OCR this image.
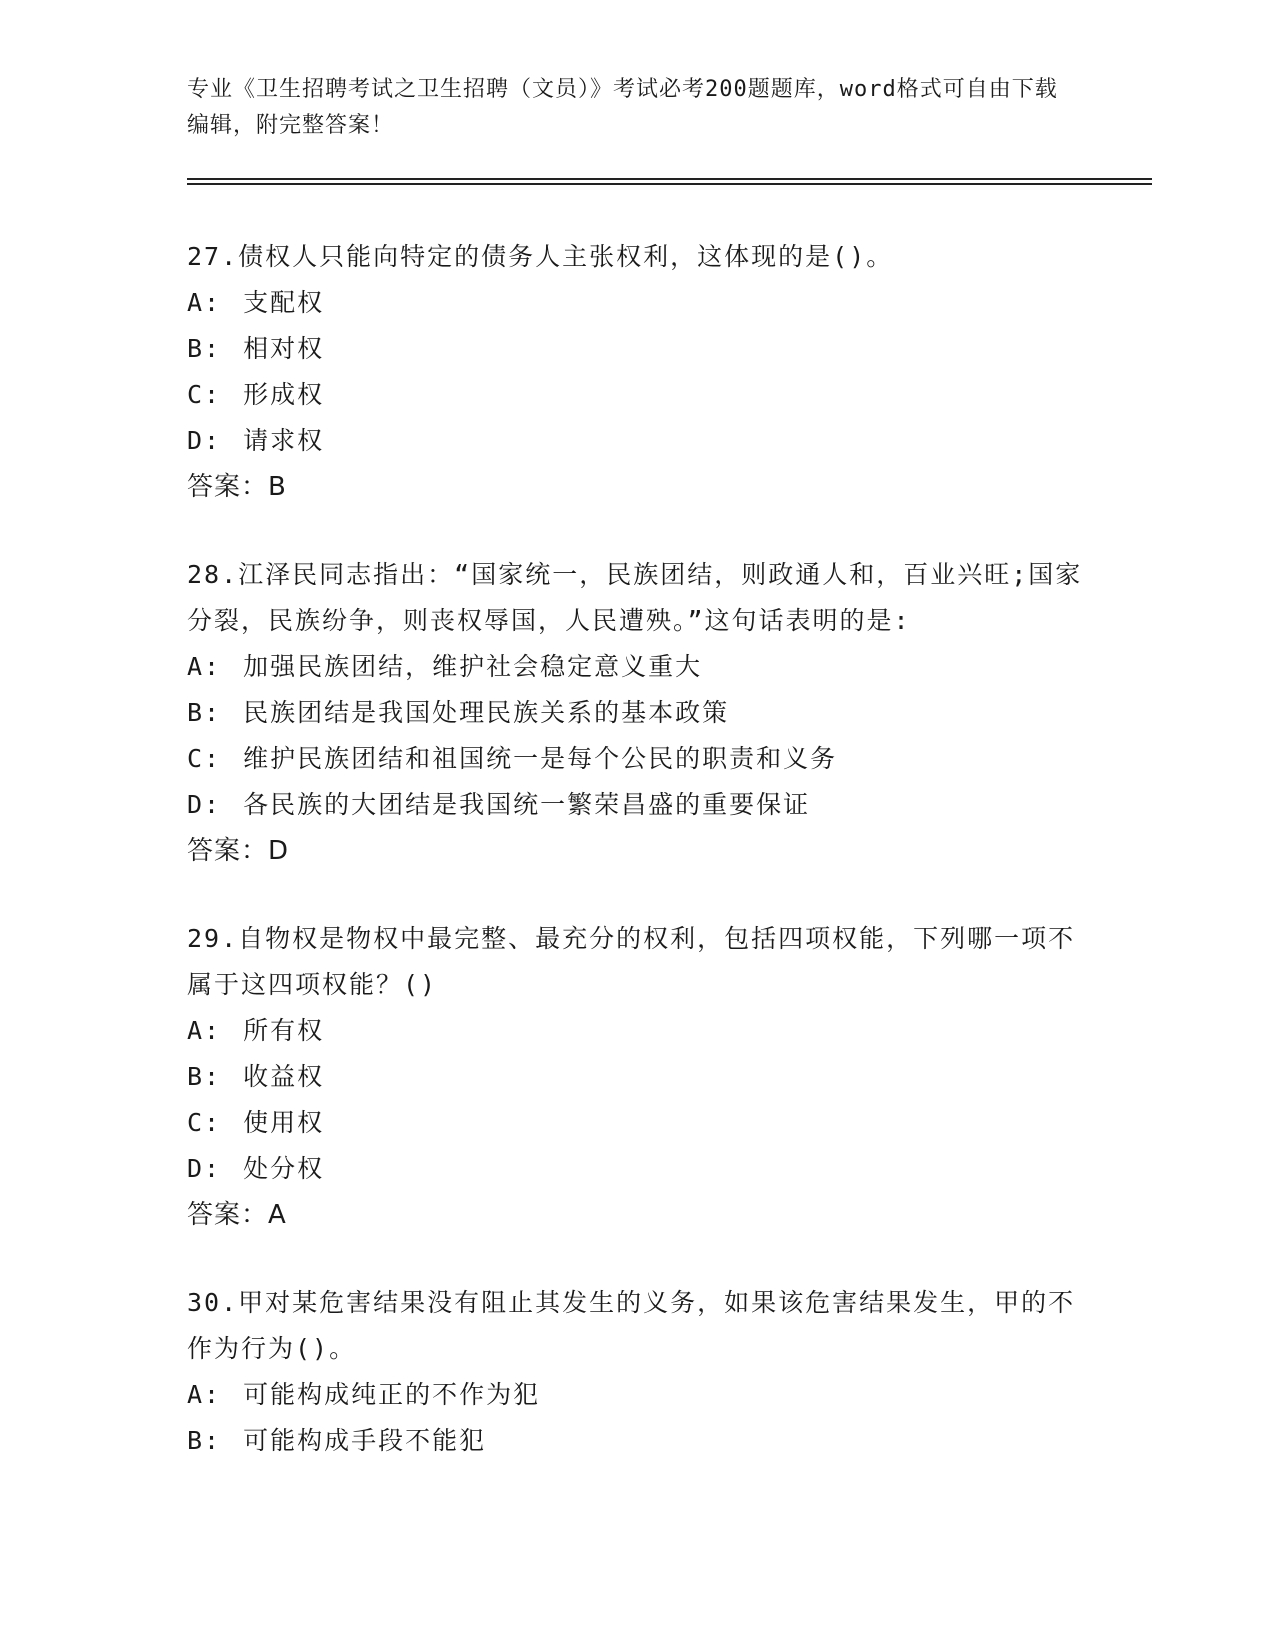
专业《卫生招聘考试之卫生招聘（文员）》考试必考200题题库，word格式可自由下载编辑，附完整答案！
27.债权人只能向特定的债务人主张权利，这体现的是()。
A: 支配权
B: 相对权
C: 形成权
D: 请求权
答案：B
28.江泽民同志指出：“国家统一，民族团结，则政通人和，百业兴旺;国家分裂，民族纷争，则丧权辱国，人民遭殃。”这句话表明的是:
A: 加强民族团结，维护社会稳定意义重大
B: 民族团结是我国处理民族关系的基本政策
C: 维护民族团结和祖国统一是每个公民的职责和义务
D: 各民族的大团结是我国统一繁荣昌盛的重要保证
答案：D
29.自物权是物权中最完整、最充分的权利，包括四项权能，下列哪一项不属于这四项权能？()
A: 所有权
B: 收益权
C: 使用权
D: 处分权
答案：A
30.甲对某危害结果没有阻止其发生的义务，如果该危害结果发生，甲的不作为行为()。
A: 可能构成纯正的不作为犯
B: 可能构成手段不能犯
